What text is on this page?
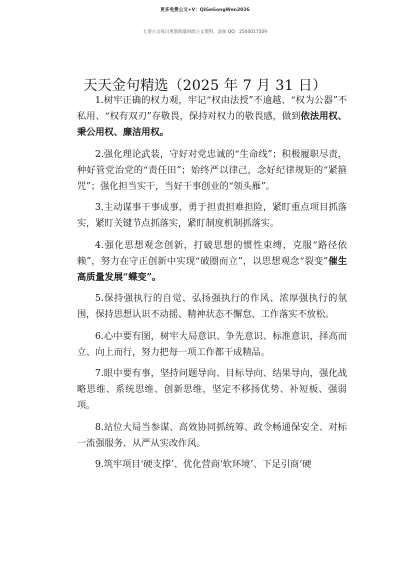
更多免费公文+V：QiGeGongWen2026
七哥公文每日更新海量时政公文资料，添加 QQ：2500017509
天天金句精选（2025 年 7 月 31 日）

1.树牢正确的权力观，牢记“权由法授”不逾越、“权为公器”不私用、“权有双刃”存敬畏，保持对权力的敬畏感，做到依法用权、秉公用权、廉洁用权。

2.强化理论武装，守好对党忠诚的“生命线”；积极履职尽责，种好管党治党的“责任田”；始终严以律己，念好纪律规矩的“紧箍咒”；强化担当实干，当好干事创业的“领头雁”。

3.主动谋事干事成事，勇于担责担难担险，紧盯重点项目抓落实，紧盯关键节点抓落实，紧盯制度机制抓落实。

4.强化思想观念创新，打破思想的惯性束缚，克服“路径依赖”，努力在守正创新中实现“破圈而立”，以思想观念“裂变”催生高质量发展“蝶变”。

5.保持强执行的自觉、弘扬强执行的作风、浓厚强执行的氛围，保持思想认识不动摇、精神状态不懈怠、工作落实不放松。

6.心中要有图，树牢大局意识、争先意识、标准意识，择高而立、向上而行，努力把每一项工作都干成精品。

7.眼中要有事，坚持问题导向、目标导向、结果导向，强化战略思维、系统思维、创新思维，坚定不移扬优势、补短板、强弱项。

8.站位大局当参谋、高效协同抓统筹、政令畅通保安全、对标一流强服务、从严从实改作风。

9.筑牢项目‘硬支撑’、优化营商‘软环境’、下足引商‘硬
